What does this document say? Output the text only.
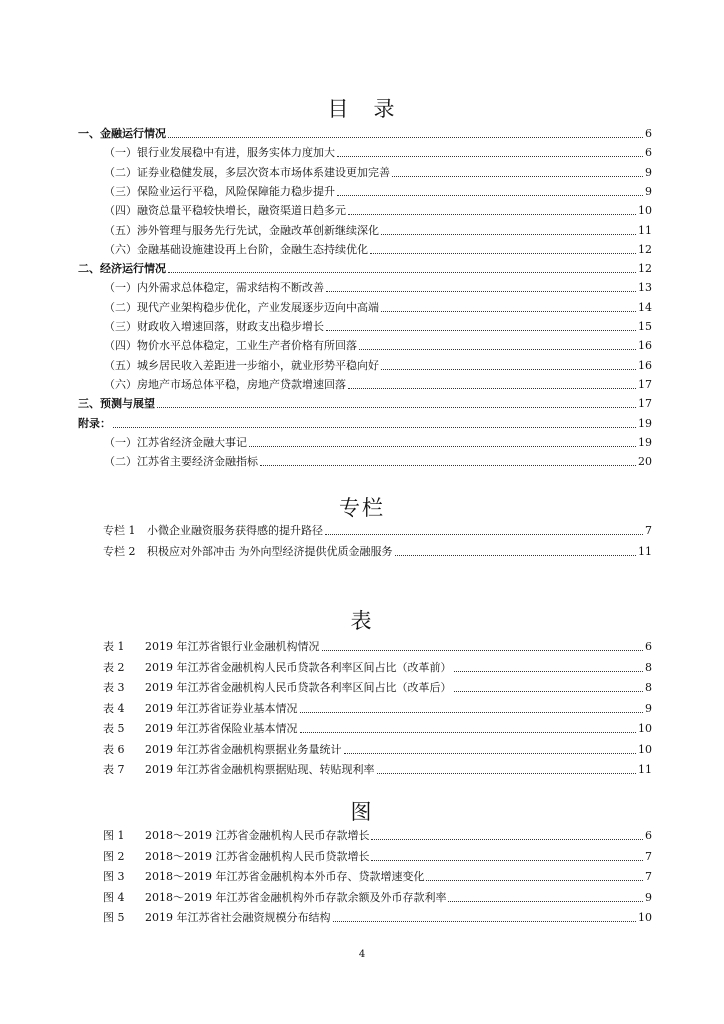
目　录
一、金融运行情况	6
（一）银行业发展稳中有进，服务实体力度加大	6
（二）证券业稳健发展，多层次资本市场体系建设更加完善	9
（三）保险业运行平稳，风险保障能力稳步提升	9
（四）融资总量平稳较快增长，融资渠道日趋多元	10
（五）涉外管理与服务先行先试，金融改革创新继续深化	11
（六）金融基础设施建设再上台阶，金融生态持续优化	12
二、经济运行情况	12
（一）内外需求总体稳定，需求结构不断改善	13
（二）现代产业架构稳步优化，产业发展逐步迈向中高端	14
（三）财政收入增速回落，财政支出稳步增长	15
（四）物价水平总体稳定，工业生产者价格有所回落	16
（五）城乡居民收入差距进一步缩小，就业形势平稳向好	16
（六）房地产市场总体平稳，房地产贷款增速回落	17
三、预测与展望	17
附录：	19
（一）江苏省经济金融大事记	19
（二）江苏省主要经济金融指标	20
专栏
专栏 1	小微企业融资服务获得感的提升路径	7
专栏 2	积极应对外部冲击 为外向型经济提供优质金融服务	11
表
表 1	2019 年江苏省银行业金融机构情况	6
表 2	2019 年江苏省金融机构人民币贷款各利率区间占比（改革前）	8
表 3	2019 年江苏省金融机构人民币贷款各利率区间占比（改革后）	8
表 4	2019 年江苏省证券业基本情况	9
表 5	2019 年江苏省保险业基本情况	10
表 6	2019 年江苏省金融机构票据业务量统计	10
表 7	2019 年江苏省金融机构票据贴现、转贴现利率	11
图
图 1	2018～2019 江苏省金融机构人民币存款增长	6
图 2	2018～2019 江苏省金融机构人民币贷款增长	7
图 3	2018～2019 年江苏省金融机构本外币存、贷款增速变化	7
图 4	2018～2019 年江苏省金融机构外币存款余额及外币存款利率	9
图 5	2019 年江苏省社会融资规模分布结构	10
4
